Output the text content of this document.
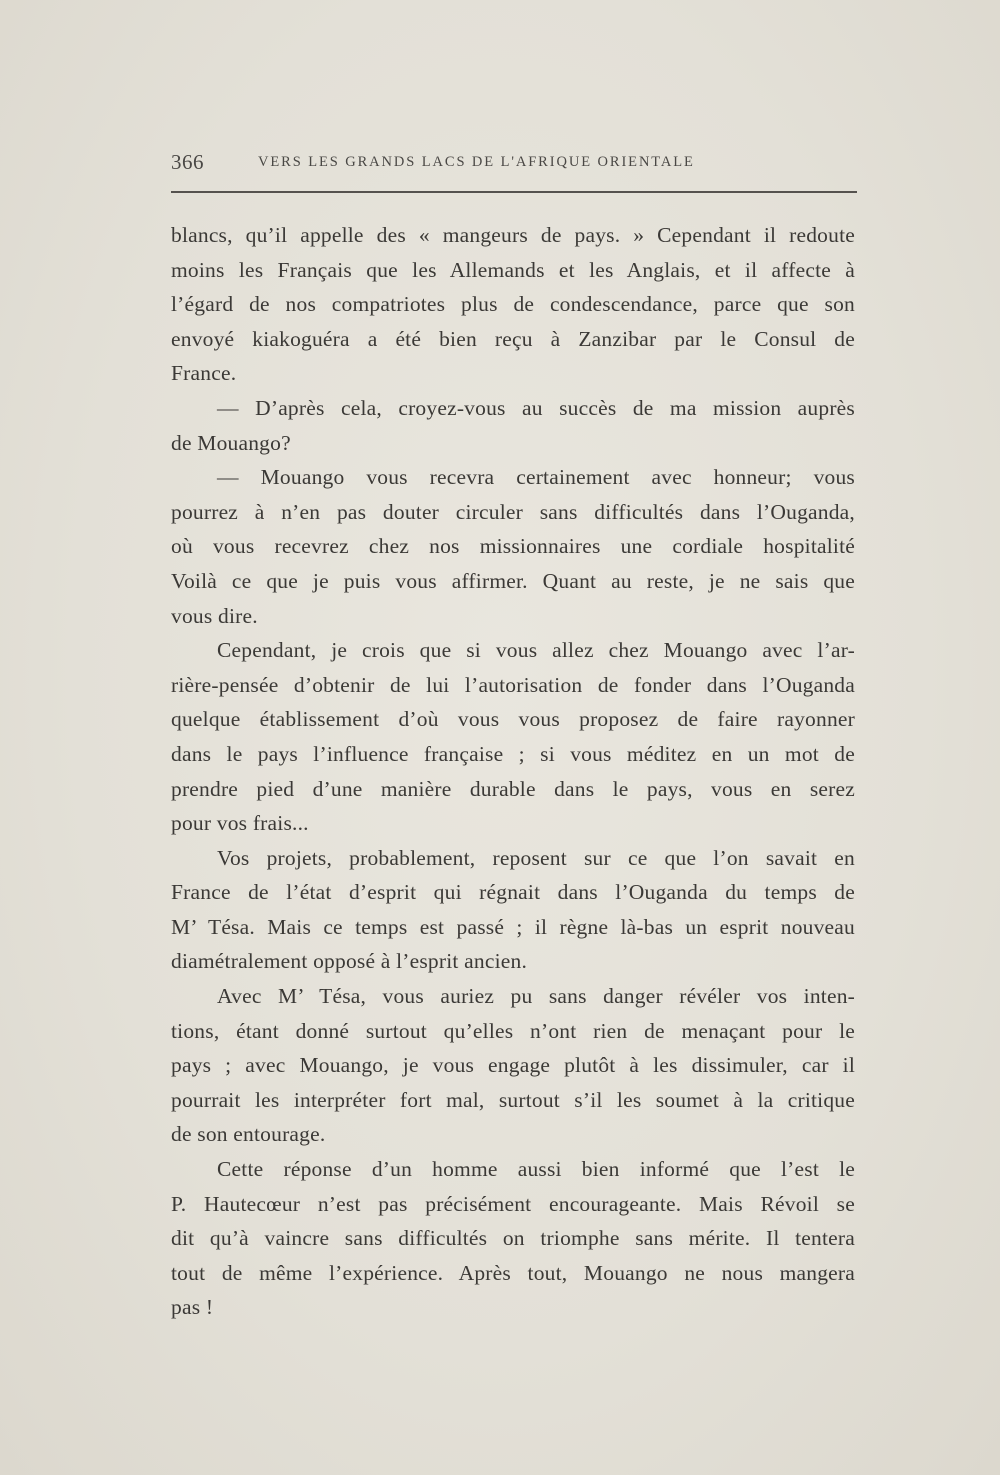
366	VERS LES GRANDS LACS DE L'AFRIQUE ORIENTALE
blancs, qu’il appelle des « mangeurs de pays. » Cependant il redoute
moins les Français que les Allemands et les Anglais, et il affecte à
l’égard de nos compatriotes plus de condescendance, parce que son
envoyé kiakoguéra a été bien reçu à Zanzibar par le Consul de
France.
— D’après cela, croyez-vous au succès de ma mission auprès
de Mouango?
— Mouango vous recevra certainement avec honneur; vous
pourrez à n’en pas douter circuler sans difficultés dans l’Ouganda,
où vous recevrez chez nos missionnaires une cordiale hospitalité
Voilà ce que je puis vous affirmer. Quant au reste, je ne sais que
vous dire.
Cependant, je crois que si vous allez chez Mouango avec l’ar-
rière-pensée d’obtenir de lui l’autorisation de fonder dans l’Ouganda
quelque établissement d’où vous vous proposez de faire rayonner
dans le pays l’influence française ; si vous méditez en un mot de
prendre pied d’une manière durable dans le pays, vous en serez
pour vos frais...
Vos projets, probablement, reposent sur ce que l’on savait en
France de l’état d’esprit qui régnait dans l’Ouganda du temps de
M’ Tésa. Mais ce temps est passé ; il règne là-bas un esprit nouveau
diamétralement opposé à l’esprit ancien.
Avec M’ Tésa, vous auriez pu sans danger révéler vos inten-
tions, étant donné surtout qu’elles n’ont rien de menaçant pour le
pays ; avec Mouango, je vous engage plutôt à les dissimuler, car il
pourrait les interpréter fort mal, surtout s’il les soumet à la critique
de son entourage.
Cette réponse d’un homme aussi bien informé que l’est le
P. Hautecœur n’est pas précisément encourageante. Mais Révoil se
dit qu’à vaincre sans difficultés on triomphe sans mérite. Il tentera
tout de même l’expérience. Après tout, Mouango ne nous mangera
pas !
